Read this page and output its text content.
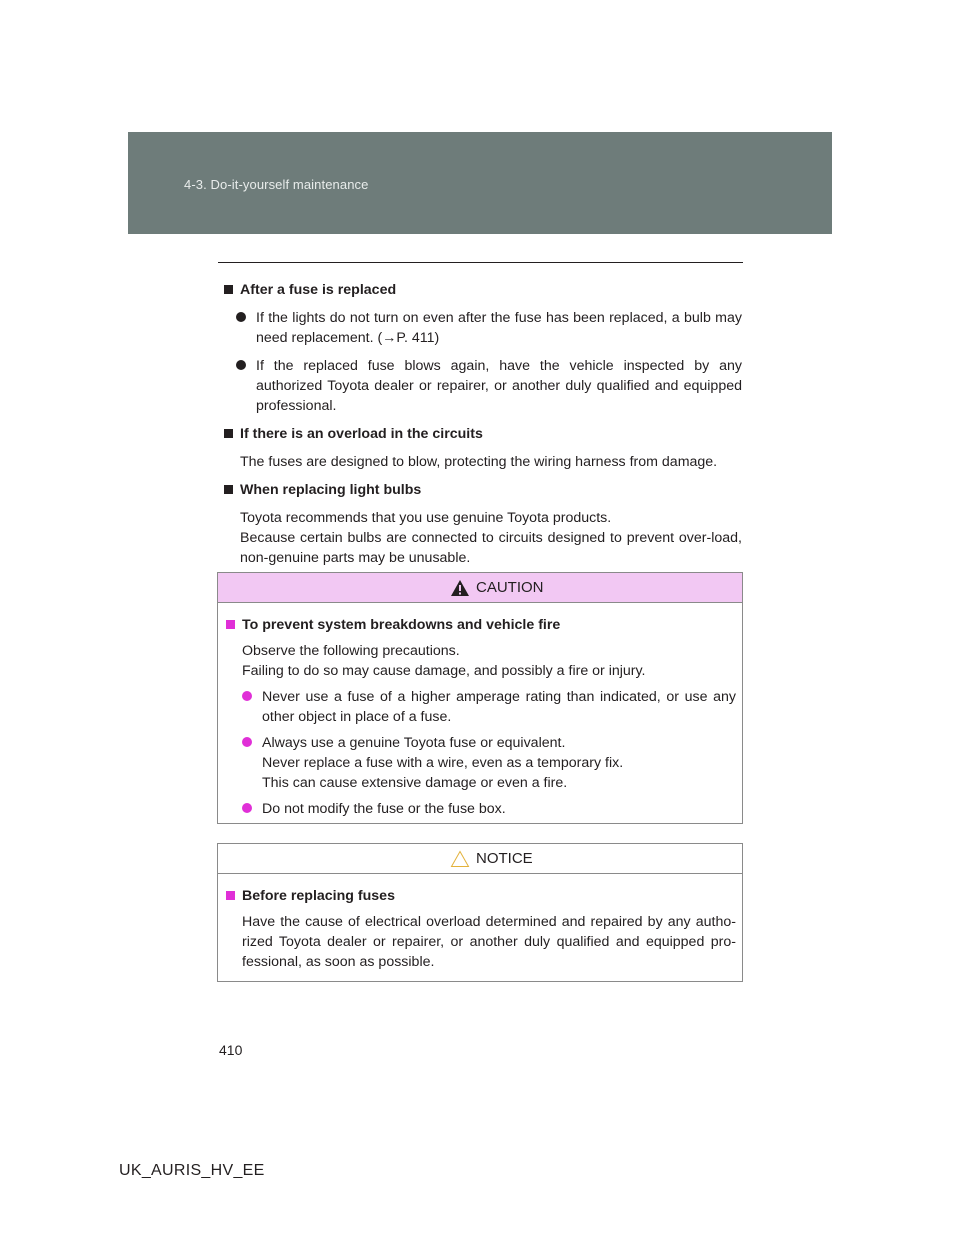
4-3. Do-it-yourself maintenance
After a fuse is replaced
If the lights do not turn on even after the fuse has been replaced, a bulb may need replacement. (→P. 411)
If the replaced fuse blows again, have the vehicle inspected by any authorized Toyota dealer or repairer, or another duly qualified and equipped professional.
If there is an overload in the circuits
The fuses are designed to blow, protecting the wiring harness from damage.
When replacing light bulbs
Toyota recommends that you use genuine Toyota products.
Because certain bulbs are connected to circuits designed to prevent over-load, non-genuine parts may be unusable.
CAUTION
To prevent system breakdowns and vehicle fire
Observe the following precautions.
Failing to do so may cause damage, and possibly a fire or injury.
Never use a fuse of a higher amperage rating than indicated, or use any other object in place of a fuse.
Always use a genuine Toyota fuse or equivalent.
Never replace a fuse with a wire, even as a temporary fix.
This can cause extensive damage or even a fire.
Do not modify the fuse or the fuse box.
NOTICE
Before replacing fuses
Have the cause of electrical overload determined and repaired by any autho-rized Toyota dealer or repairer, or another duly qualified and equipped pro-fessional, as soon as possible.
410
UK_AURIS_HV_EE
